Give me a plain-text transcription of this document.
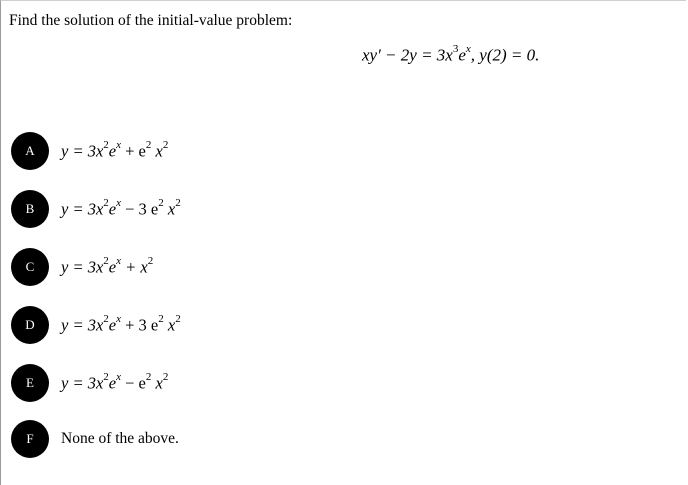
Find the solution of the initial-value problem:
$xy' - 2y = 3x^3e^x$, y(2) = 0.
A	$y = 3x^2e^x + e^2$ $x^2$
B	$y = 3x^2e^x - 3$ $e^2$ $x^2$
C	$y = 3x^2e^x + x^2$
D	$y = 3x^2e^x + 3$ $e^2$ $x^2$
E	$y = 3x^2e^x - e^2$ $x^2$
F	None of the above.
